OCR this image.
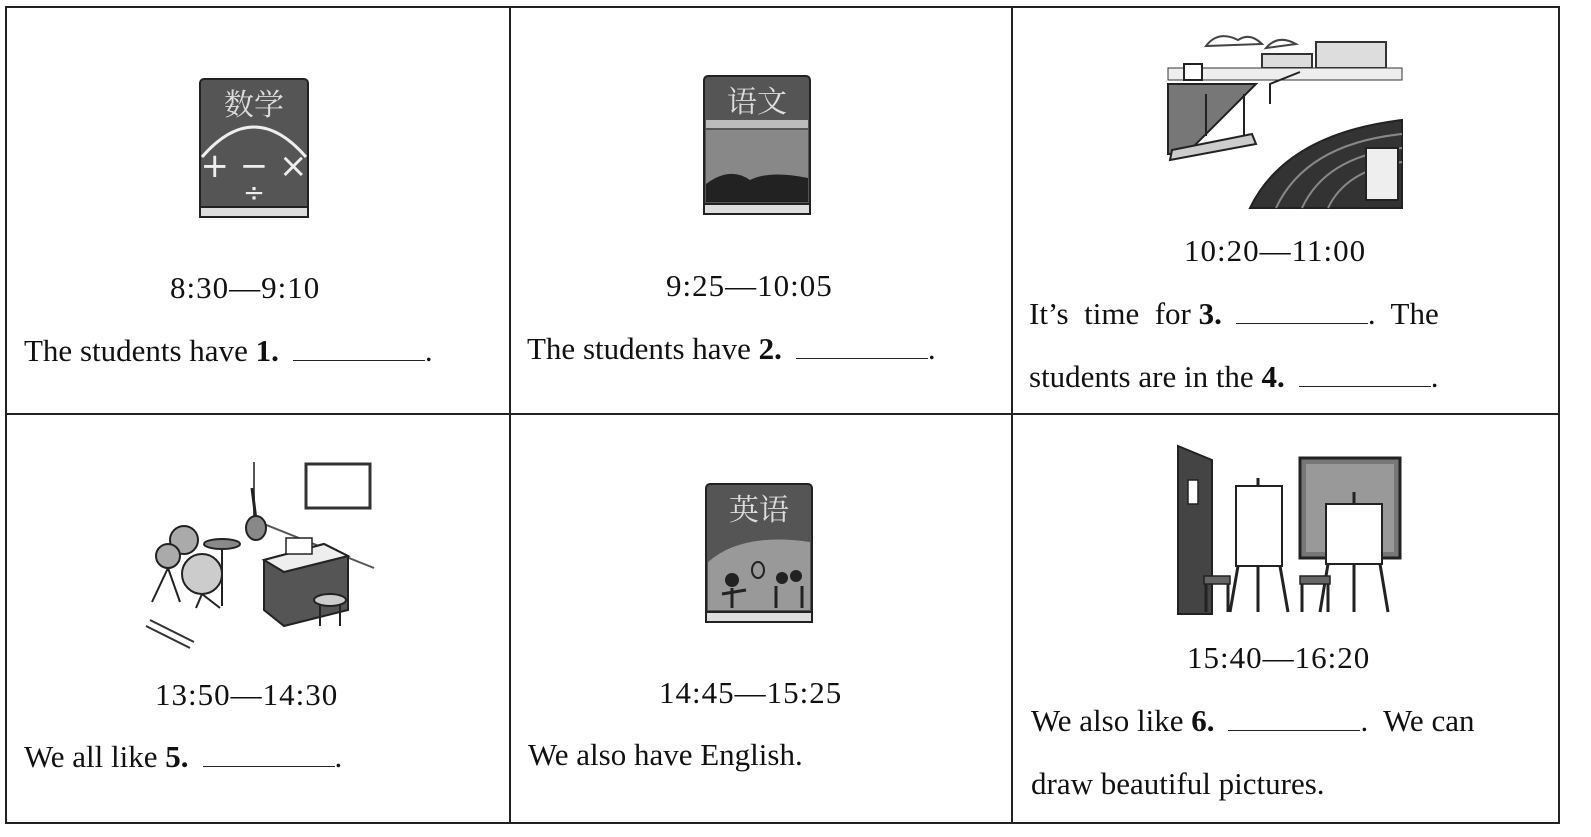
数学
+ − ×
÷
8:30—9:10
The students have 1.	.
语文
9:25—10:05
The students have 2.	.
10:20—11:00
It’s  time  for 3.	.  The
students are in the 4.	.
13:50—14:30
We all like 5.	.
英语
14:45—15:25
We also have English.
15:40—16:20
We also like 6.	.  We can
draw beautiful pictures.
